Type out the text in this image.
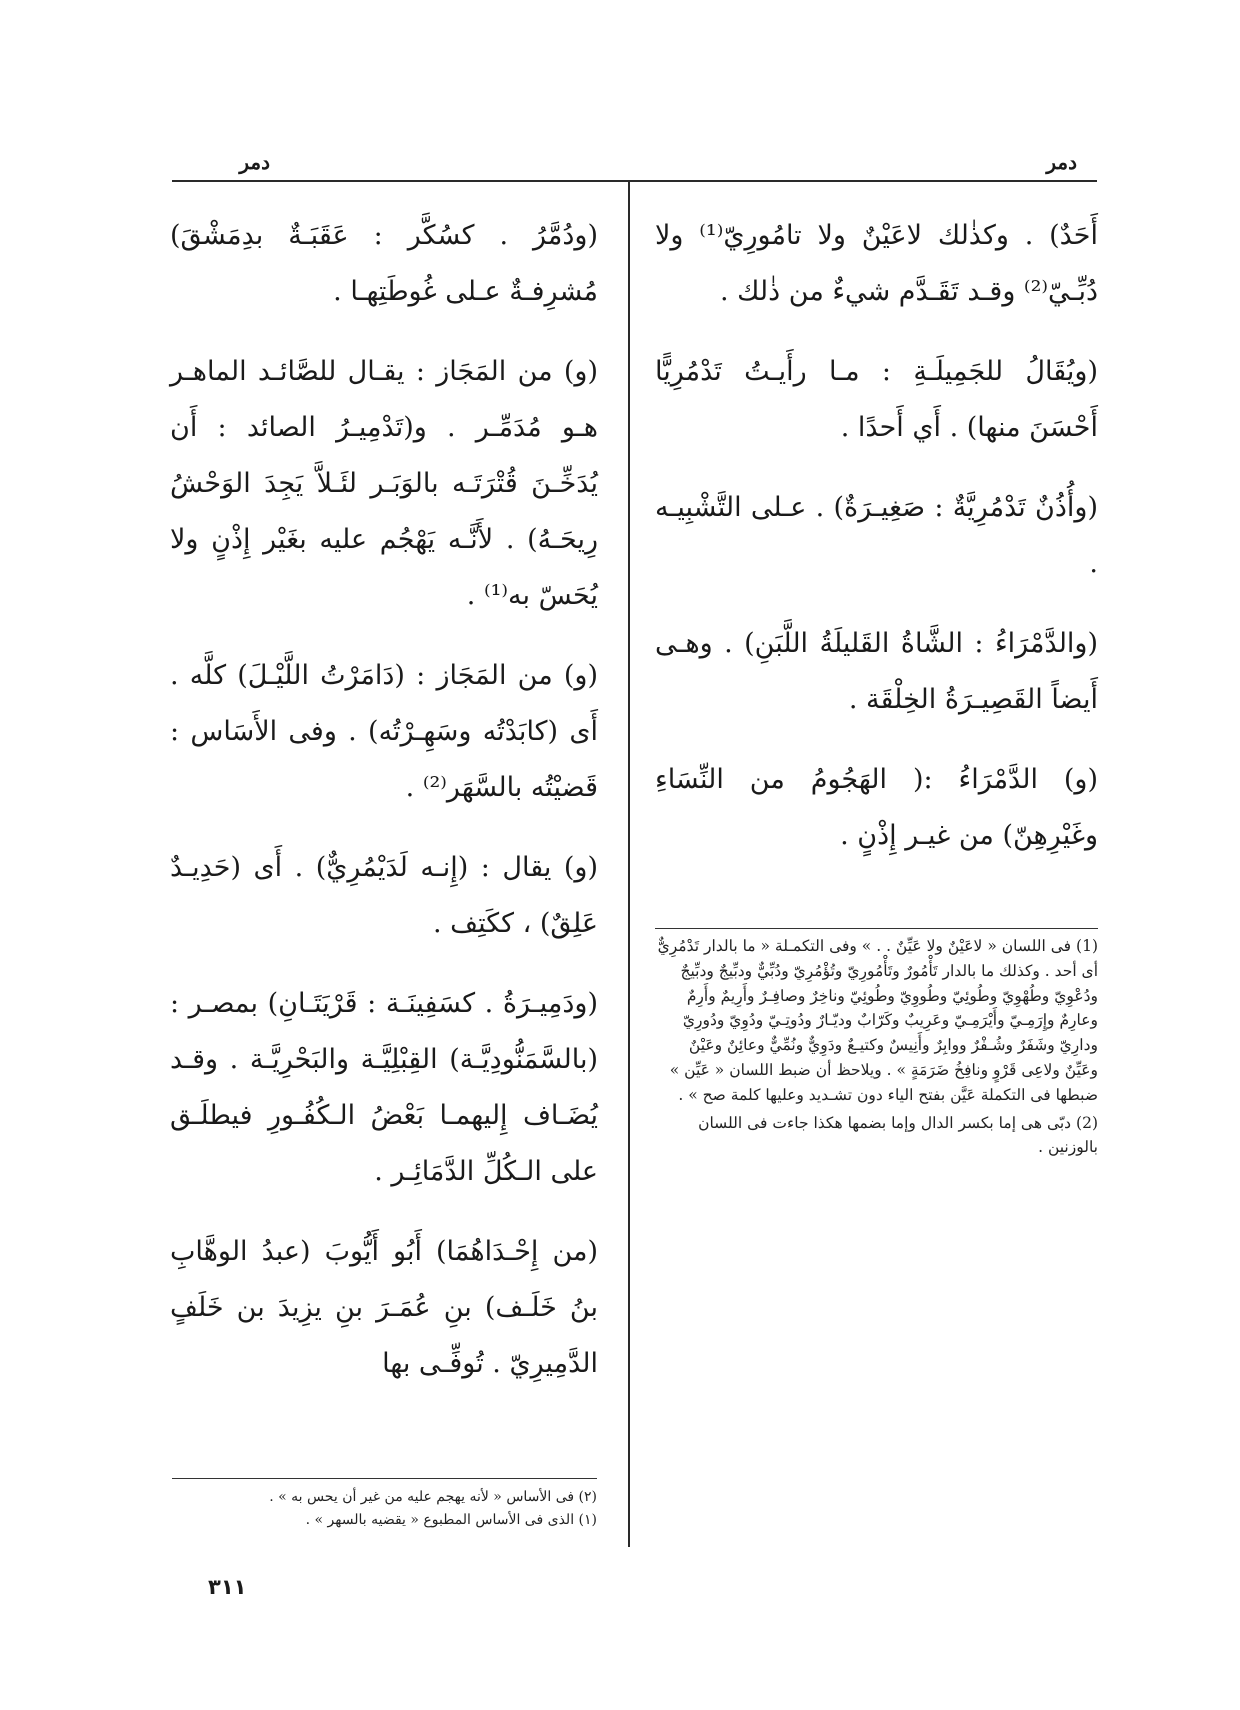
دمر
دمر

أَحَدٌ) . وكذٰلك لاعَيْنٌ ولا تامُورِيّ⁽¹⁾ ولا دُبِّـيّ⁽²⁾ وقـد تَقَـدَّم شيءٌ من ذٰلك .

(ويُقَالُ للجَمِيلَـةِ : مـا رأَيـتُ تَدْمُرِيًّا أَحْسَنَ منها) . أَي أَحدًا .

(وأُذُنٌ تَدْمُرِيَّةٌ : صَغِيـرَةٌ) . عـلى التَّشْبِيـه .

(والدَّمْرَاءُ : الشَّاةُ القَليلَةُ اللَّبَنِ) . وهـى أَيضاً القَصِيـرَةُ الخِلْقَة .

(و) الدَّمْرَاءُ :( الهَجُومُ من النِّسَاءِ وغَيْرِهِنّ) من غيـر إِذْنٍ .

(1) فى اللسان « لاعَيْنٌ ولا عَيِّنٌ . . » وفى التكمـلة « ما بالدار تَدْمُرِيٌّ أى أحد . وكذلك ما بالدار تَأْمُورٌ وتَأْمُورِيّ وتُؤْمُرِيّ ودُبِّيٌّ ودبِّيجٌ ودبِّيجٌ ودُعْوِيّ وطُهْوِيّ وطُوئِيّ وطُووِيّ وطُوئِيّ وناخِرٌ وصافِـرٌ وأَرِيمٌ وأَرِمٌ وعارِمٌ وإِرَمِـيّ وأَيْرَمِـيّ وعَرِيبٌ وكَرّابٌ وديّـارٌ ودُوتِـيّ ودُوِيّ ودُورِيّ ودارِيّ وشَفَرٌ وشُـفْرٌ ووابِرٌ وأَنِيسٌ وكتيـعٌ ودَوِيٌّ ونُمِّيٌّ وعائِنٌ وعَيْنٌ وعَيِّنٌ ولاعِى قَرْوٍ ونافِخُ ضَرَمَةٍ » . ويلاحظ أن ضبط اللسان « عَيِّن » ضبطها فى التكملة عَيَّن بفتح الياء دون تشـديد وعليها كلمة صح » .

(2) دبّى هى إما بكسر الدال وإما بضمها هكذا جاءت فى اللسان بالوزنين .

(ودُمَّرُ . كسُكَّر : عَقَبَـةٌ بدِمَشْقَ) مُشرِفـةٌ عـلى غُوطَتِهـا .

(و) من المَجَاز : يقـال للصَّائـد الماهـر هـو مُدَمِّـر . و(تَدْمِيـرُ الصائد : أَن يُدَخِّـنَ قُتْرَتَـه بالوَبَـر لئَـلاَّ يَجِدَ الوَحْشُ رِيحَـهُ) . لأَنَّـه يَهْجُم عليه بغَيْر إِذْنٍ ولا يُحَسّ به⁽¹⁾ .

(و) من المَجَاز : (دَامَرْتُ اللَّيْـلَ) كلَّه . أَى (كابَدْتُه وسَهِـرْتُه) . وفى الأَسَاس : قَضيْتُه بالسَّهَر⁽²⁾ .

(و) يقال : (إِنـه لَدَيْمُرِيٌّ) . أَى (حَدِيـدٌ عَلِقٌ) ، ككَتِف .

(ودَمِيـرَةُ . كسَفِينَـة : قَرْيَتَـانِ) بمصـر : (بالسَّمَنُّودِيَّـة) القِبْلِيَّـة والبَحْرِيَّـة . وقـد يُضَـاف إِليهمـا بَعْضُ الـكُفُـورِ فيطلَـق على الـكُلِّ الدَّمَائِـر .

(من إِحْـدَاهُمَا) أَبُو أَيُّوبَ (عبدُ الوهَّابِ بنُ خَلَـف) بنِ عُمَـرَ بنِ يزِيدَ بن خَلَفٍ الدَّمِيرِيّ . تُوفِّـى بها

(٢) فى الأساس « لأنه يهجم عليه من غير أن يحس به » .

(١) الذى فى الأساس المطبوع « يقضيه بالسهر » .

٣١١
